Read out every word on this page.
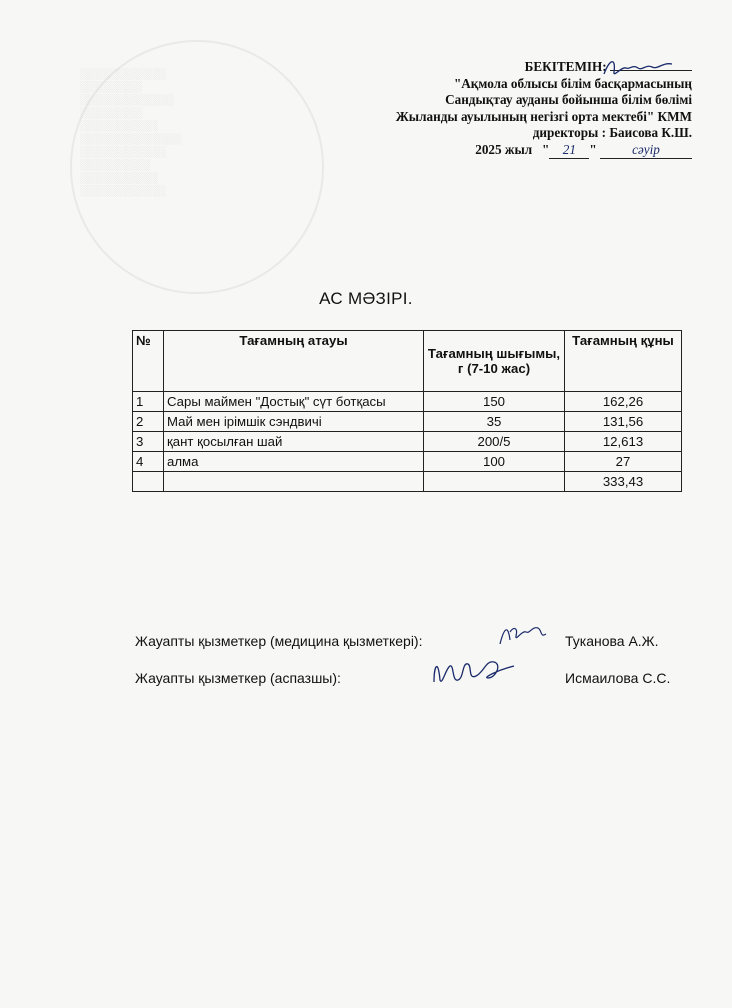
░░░░░░░░░░░
░░░░░░░░
░░░░░░░░░░░░
░░░░░░░░
░░░░░░░░░░
░░░░░░░░░░░░░
░░░░░░░░░░░
░░░░░░░░░
░░░░░░░░░░
░░░░░░░░░░░
БЕКІТЕМІН:
"Ақмола облысы білім басқармасының
Сандықтау ауданы бойынша білім бөлімі
Жыланды ауылының негізгі орта мектебі" КММ
директоры : Баисова К.Ш.
2025 жыл   " 21 " сәуір
АС МӘЗІРІ.
№	Тағамның атауы	Тағамның шығымы, г (7-10 жас)	Тағамның құны
1	Сары маймен "Достық" сүт ботқасы	150	162,26
2	Май мен ірімшік сэндвичі	35	131,56
3	қант қосылған шай	200/5	12,613
4	алма	100	27
			333,43
Жауапты қызметкер (медицина қызметкері):	Туканова А.Ж.
Жауапты қызметкер (аспазшы):	Исмаилова С.С.
